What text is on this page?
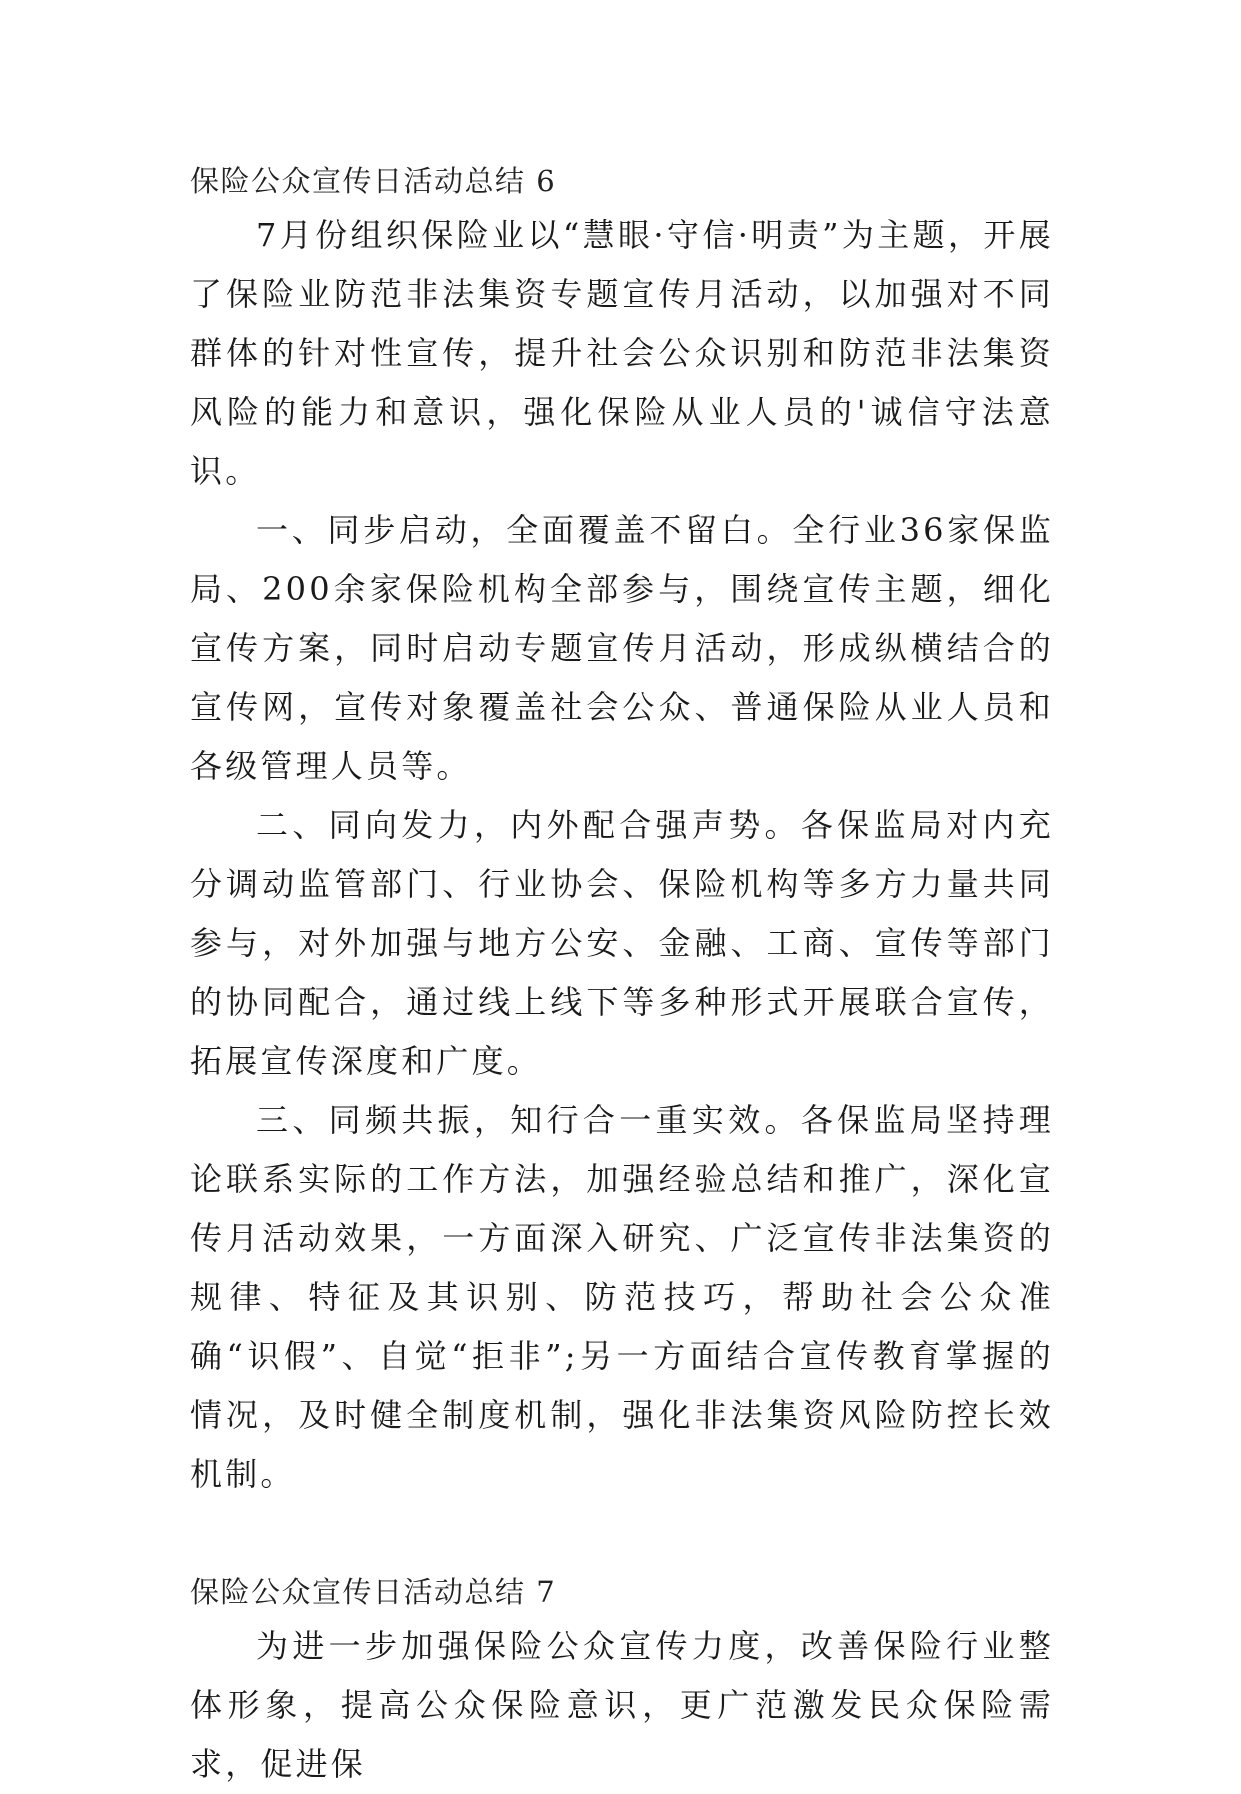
保险公众宣传日活动总结 6

7月份组织保险业以“慧眼·守信·明责”为主题，开展了保险业防范非法集资专题宣传月活动，以加强对不同群体的针对性宣传，提升社会公众识别和防范非法集资风险的能力和意识，强化保险从业人员的'诚信守法意识。

一、同步启动，全面覆盖不留白。全行业36家保监局、200余家保险机构全部参与，围绕宣传主题，细化宣传方案，同时启动专题宣传月活动，形成纵横结合的宣传网，宣传对象覆盖社会公众、普通保险从业人员和各级管理人员等。

二、同向发力，内外配合强声势。各保监局对内充分调动监管部门、行业协会、保险机构等多方力量共同参与，对外加强与地方公安、金融、工商、宣传等部门的协同配合，通过线上线下等多种形式开展联合宣传，拓展宣传深度和广度。

三、同频共振，知行合一重实效。各保监局坚持理论联系实际的工作方法，加强经验总结和推广，深化宣传月活动效果，一方面深入研究、广泛宣传非法集资的规律、特征及其识别、防范技巧，帮助社会公众准确“识假”、自觉“拒非”;另一方面结合宣传教育掌握的情况，及时健全制度机制，强化非法集资风险防控长效机制。

保险公众宣传日活动总结 7

为进一步加强保险公众宣传力度，改善保险行业整体形象，提高公众保险意识，更广范激发民众保险需求，促进保
